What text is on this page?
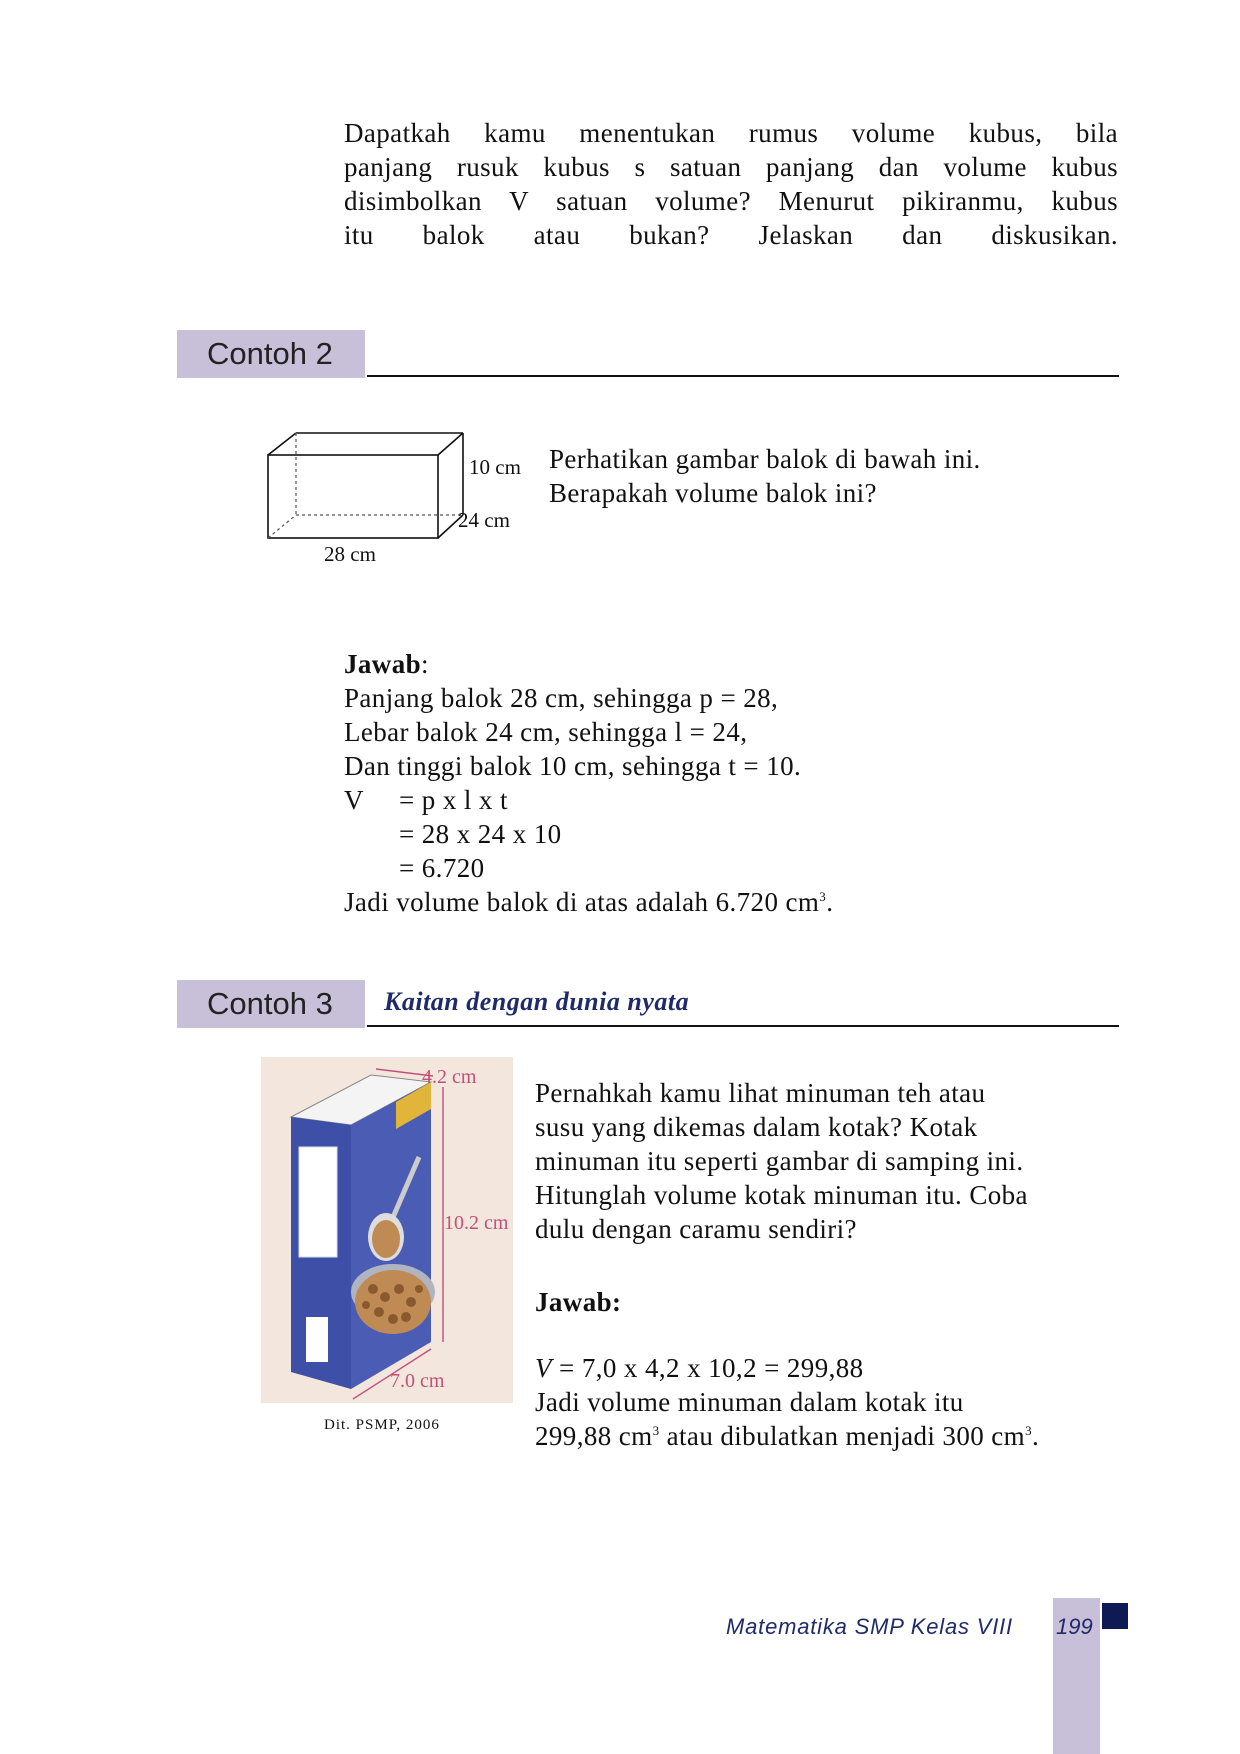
Dapatkah kamu menentukan rumus volume kubus, bila
panjang rusuk kubus s satuan panjang dan volume kubus
disimbolkan V satuan volume? Menurut pikiranmu, kubus
itu balok atau bukan? Jelaskan dan diskusikan.
Contoh 2
10 cm
24 cm
28 cm
Perhatikan gambar balok di bawah ini.
Berapakah volume balok ini?
Jawab:
Panjang balok 28 cm, sehingga p = 28,
Lebar balok 24 cm, sehingga l = 24,
Dan tinggi balok 10 cm, sehingga t = 10.
V = p x l x t
= 28 x 24 x 10
= 6.720
Jadi volume balok di atas adalah 6.720 $cm^3$.
Contoh 3	Kaitan dengan dunia nyata
4.2 cm
10.2 cm
7.0 cm
Dit. PSMP, 2006
Pernahkah kamu lihat minuman teh atau
susu yang dikemas dalam kotak? Kotak
minuman itu seperti gambar di samping ini.
Hitunglah volume kotak minuman itu. Coba
dulu dengan caramu sendiri?
Jawab:
V = 7,0 x 4,2 x 10,2 = 299,88
Jadi volume minuman dalam kotak itu
299,88 $cm^3$ atau dibulatkan menjadi 300 $cm^3$.
Matematika SMP Kelas VIII 199
